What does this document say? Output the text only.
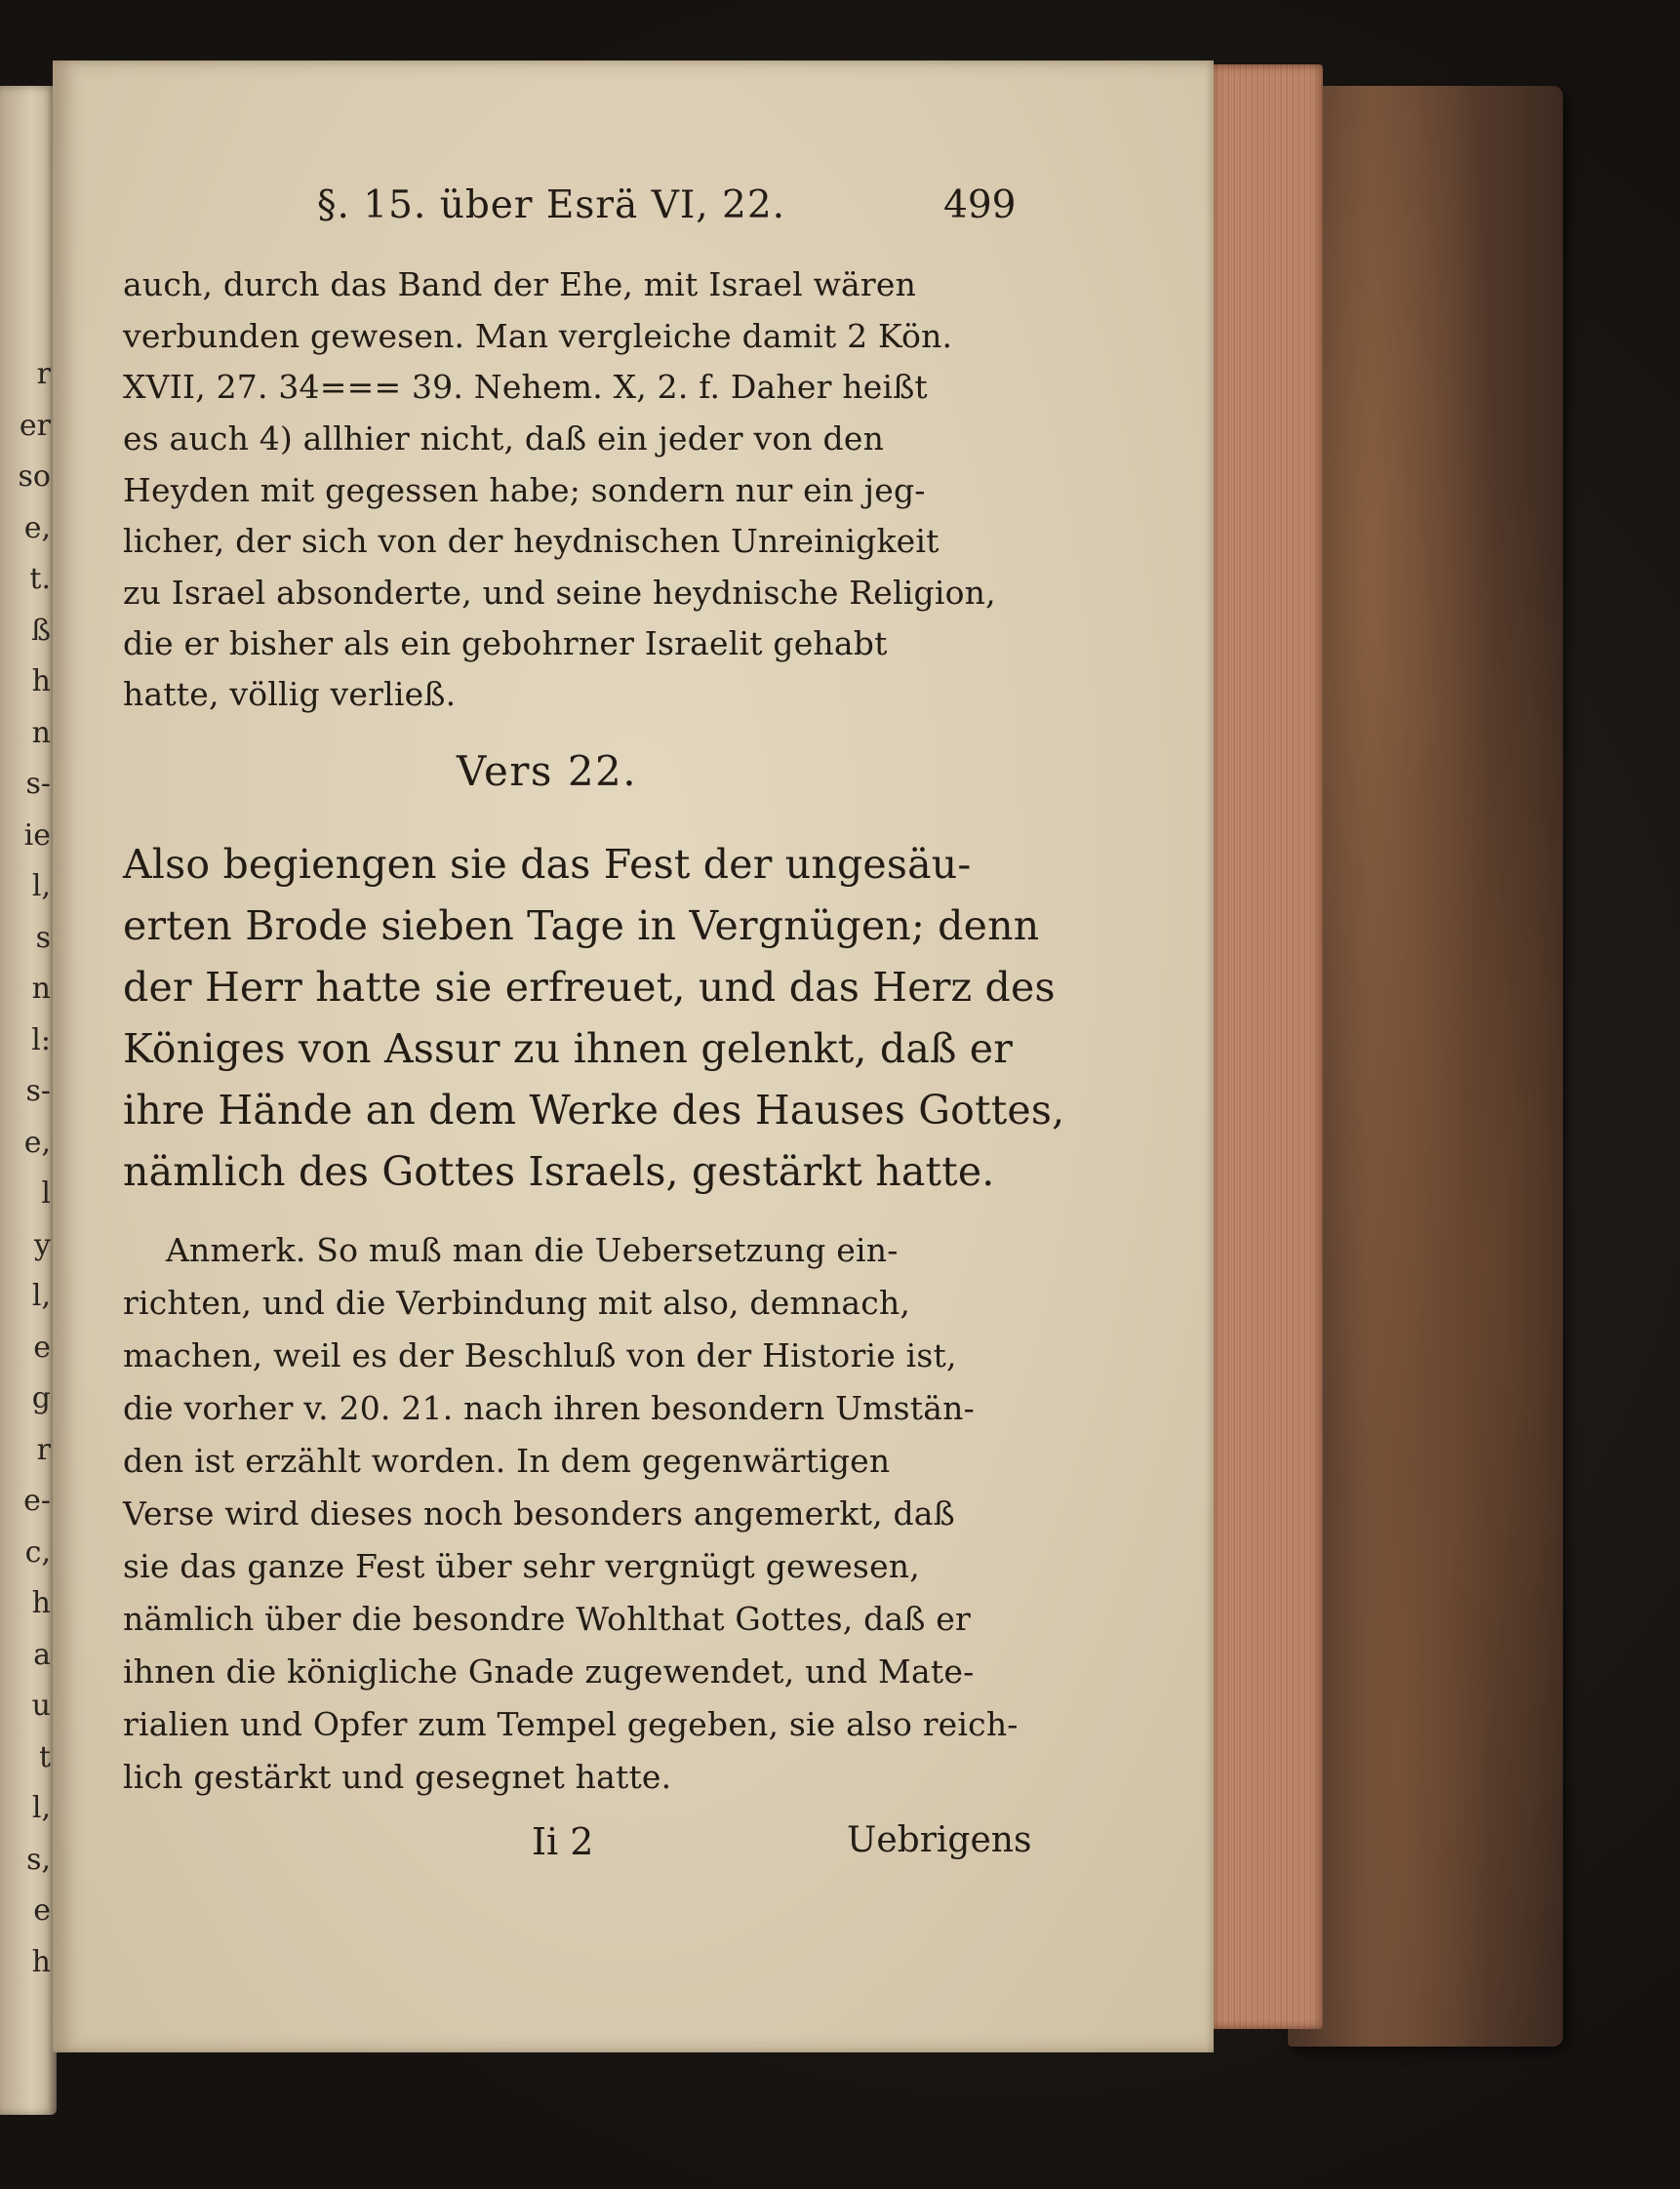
r
er
so
e,
t.
ß
h
n
s-
ie
l,
s
n
l:
s-
e,
l
y
l,
e
g
r
e-
c,
h
a
u
t
l,
s,
e
h
§. 15. über Esrä VI, 22.	499
auch, durch das Band der Ehe, mit Israel wären
verbunden gewesen. Man vergleiche damit 2 Kön.
XVII, 27. 34=== 39. Nehem. X, 2. f. Daher heißt
es auch 4) allhier nicht, daß ein jeder von den
Heyden mit gegessen habe; sondern nur ein jeg-
licher, der sich von der heydnischen Unreinigkeit
zu Israel absonderte, und seine heydnische Religion,
die er bisher als ein gebohrner Israelit gehabt
hatte, völlig verließ.
Vers 22.
Also begiengen sie das Fest der ungesäu-
erten Brode sieben Tage in Vergnügen; denn
der Herr hatte sie erfreuet, und das Herz des
Königes von Assur zu ihnen gelenkt, daß er
ihre Hände an dem Werke des Hauses Gottes,
nämlich des Gottes Israels, gestärkt hatte.
Anmerk. So muß man die Uebersetzung ein-
richten, und die Verbindung mit also, demnach,
machen, weil es der Beschluß von der Historie ist,
die vorher v. 20. 21. nach ihren besondern Umstän-
den ist erzählt worden. In dem gegenwärtigen
Verse wird dieses noch besonders angemerkt, daß
sie das ganze Fest über sehr vergnügt gewesen,
nämlich über die besondre Wohlthat Gottes, daß er
ihnen die königliche Gnade zugewendet, und Mate-
rialien und Opfer zum Tempel gegeben, sie also reich-
lich gestärkt und gesegnet hatte.
Ii 2	Uebrigens
